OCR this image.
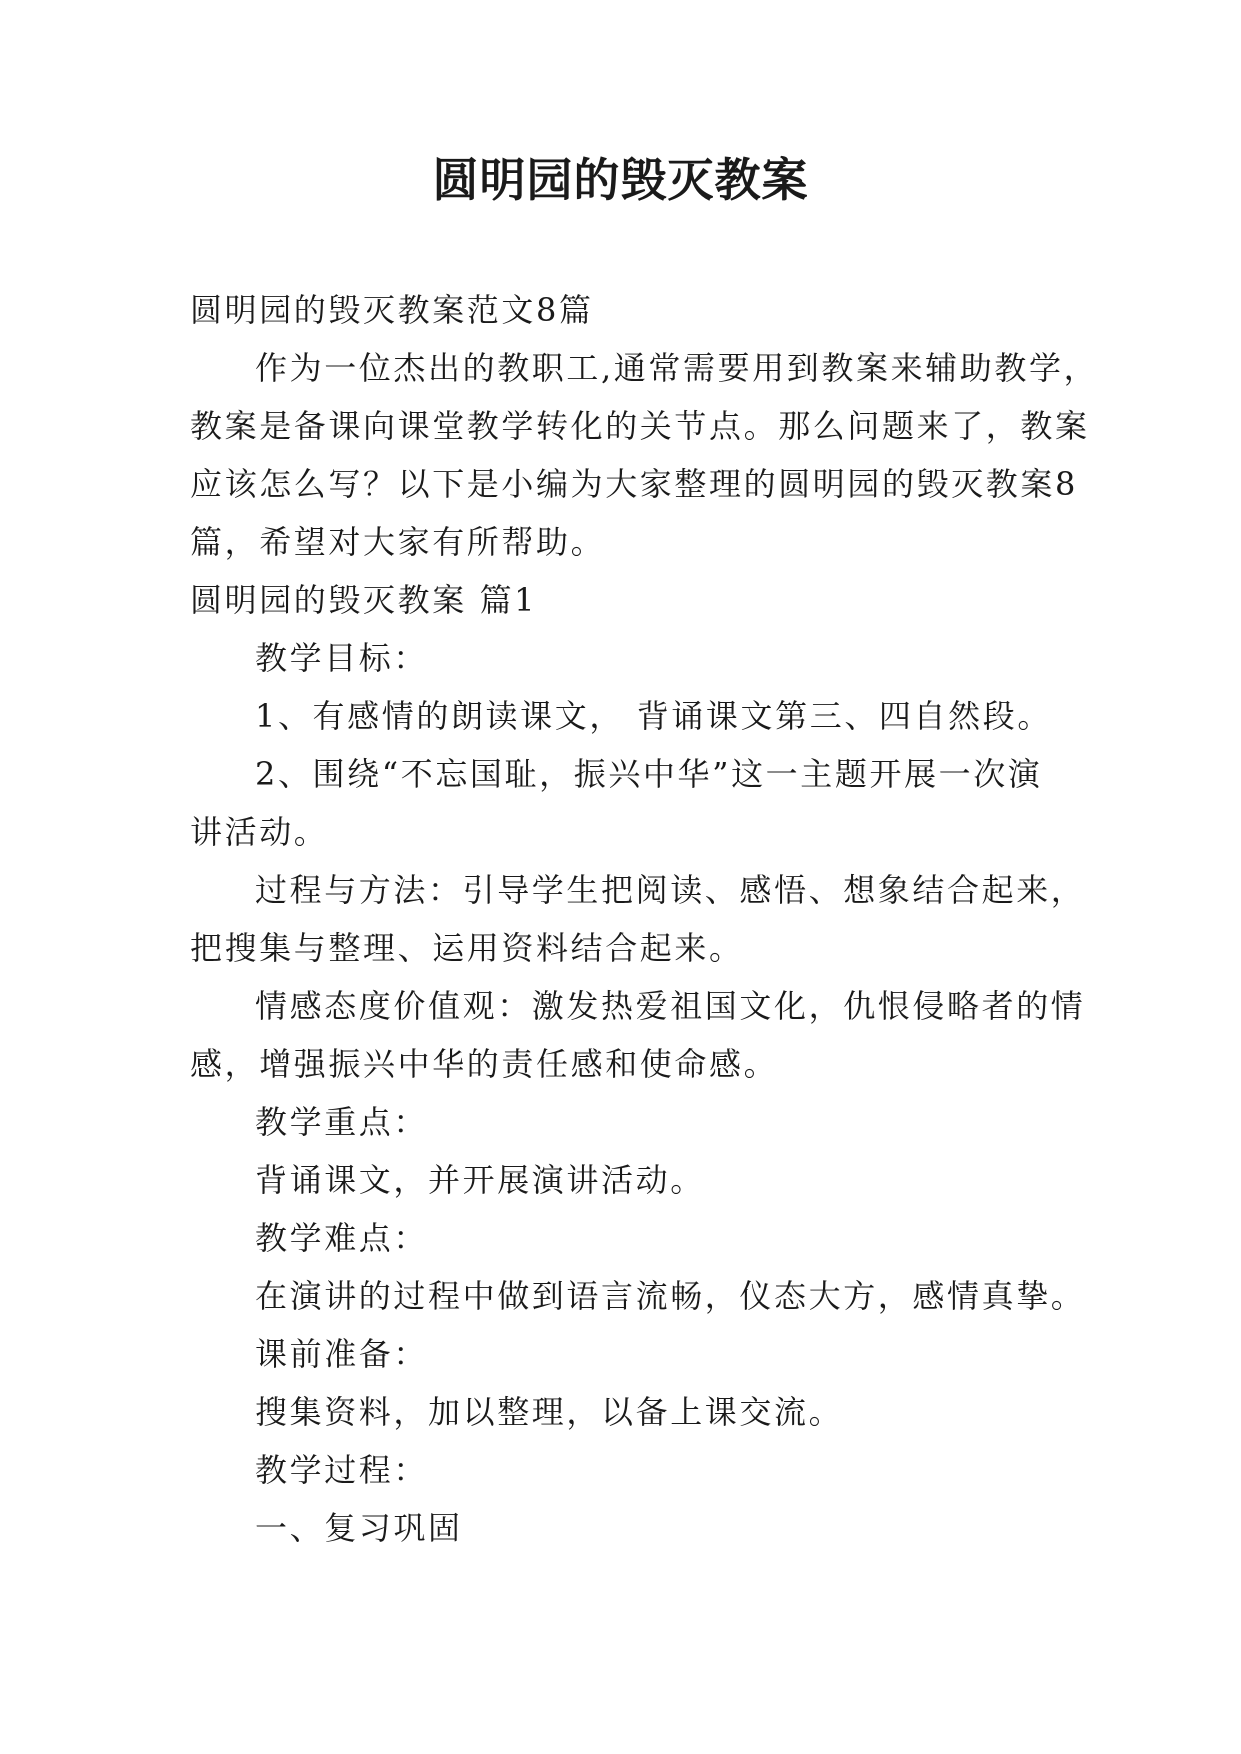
圆明园的毁灭教案
圆明园的毁灭教案范文8篇
作为一位杰出的教职工,通常需要用到教案来辅助教学，
教案是备课向课堂教学转化的关节点。那么问题来了，教案
应该怎么写？以下是小编为大家整理的圆明园的毁灭教案8
篇，希望对大家有所帮助。
圆明园的毁灭教案 篇1
教学目标：
1、有感情的朗读课文， 背诵课文第三、四自然段。
2、围绕“不忘国耻，振兴中华”这一主题开展一次演
讲活动。
过程与方法：引导学生把阅读、感悟、想象结合起来，
把搜集与整理、运用资料结合起来。
情感态度价值观：激发热爱祖国文化，仇恨侵略者的情
感，增强振兴中华的责任感和使命感。
教学重点：
背诵课文，并开展演讲活动。
教学难点：
在演讲的过程中做到语言流畅，仪态大方，感情真挚。
课前准备：
搜集资料，加以整理，以备上课交流。
教学过程：
一、复习巩固
